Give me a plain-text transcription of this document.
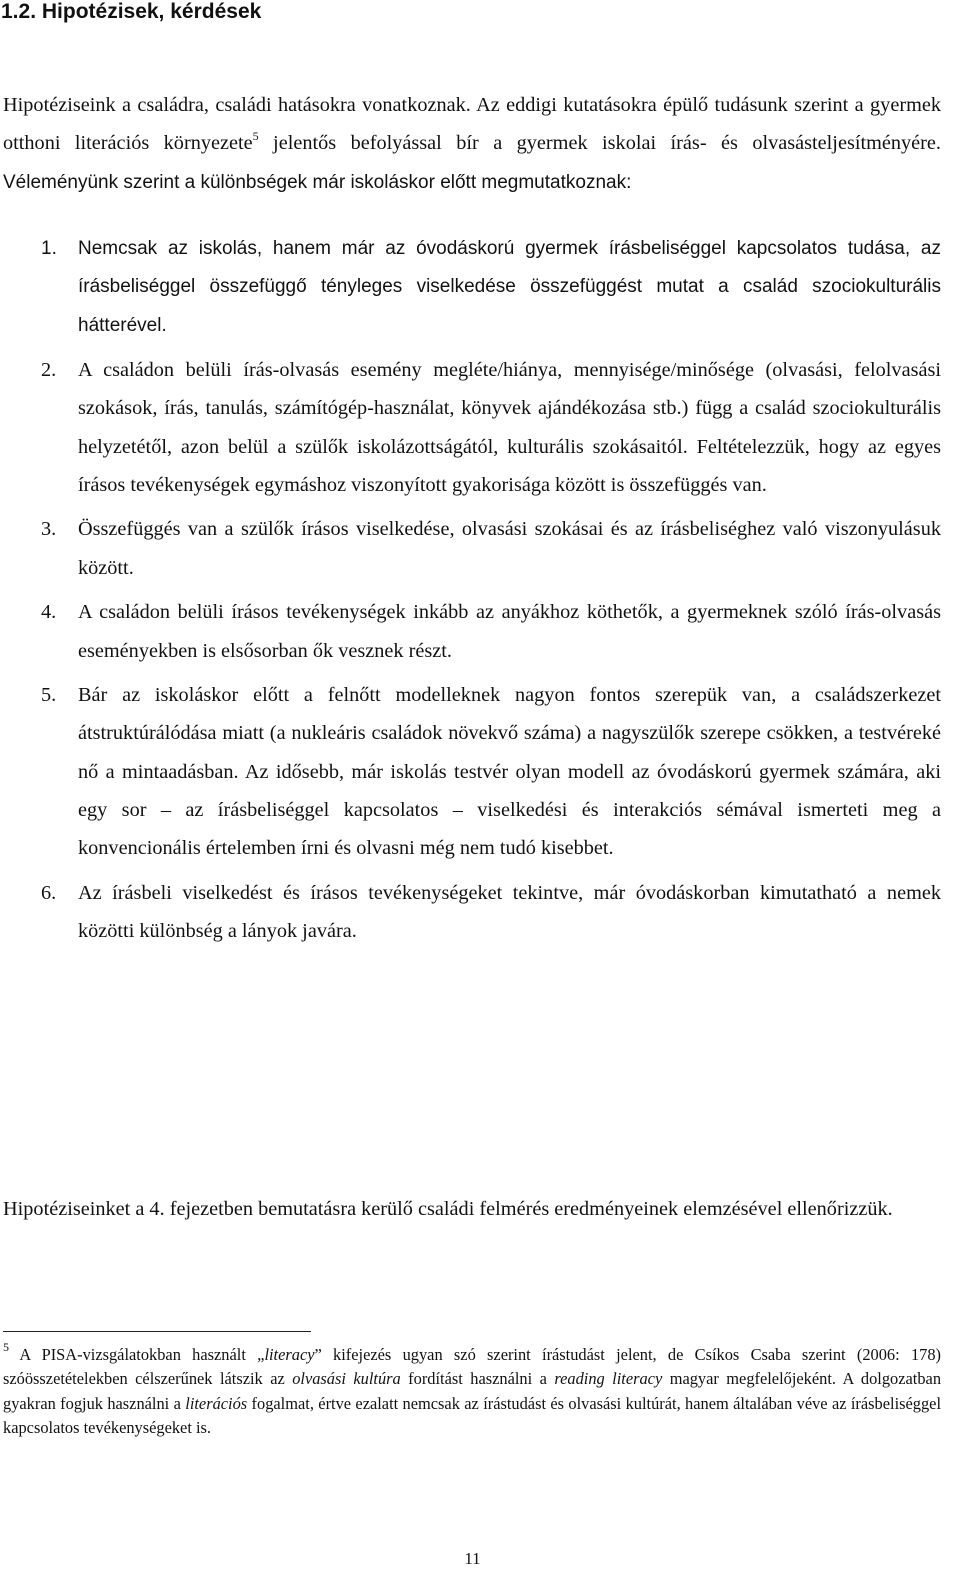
1.2. Hipotézisek, kérdések

Hipotéziseink a családra, családi hatásokra vonatkoznak. Az eddigi kutatásokra épülő tudásunk szerint a gyermek otthoni literációs környezete$^5$ jelentős befolyással bír a gyermek iskolai írás- és olvasásteljesítményére. Véleményünk szerint a különbségek már iskoláskor előtt megmutatkoznak:

1. Nemcsak az iskolás, hanem már az óvodáskorú gyermek írásbeliséggel kapcsolatos tudása, az írásbeliséggel összefüggő tényleges viselkedése összefüggést mutat a család szociokulturális hátterével.
2. A családon belüli írás-olvasás esemény megléte/hiánya, mennyisége/minősége (olvasási, felolvasási szokások, írás, tanulás, számítógép-használat, könyvek ajándékozása stb.) függ a család szociokulturális helyzetétől, azon belül a szülők iskolázottságától, kulturális szokásaitól. Feltételezzük, hogy az egyes írásos tevékenységek egymáshoz viszonyított gyakorisága között is összefüggés van.
3. Összefüggés van a szülők írásos viselkedése, olvasási szokásai és az írásbeliséghez való viszonyulásuk között.
4. A családon belüli írásos tevékenységek inkább az anyákhoz köthetők, a gyermeknek szóló írás-olvasás eseményekben is elsősorban ők vesznek részt.
5. Bár az iskoláskor előtt a felnőtt modelleknek nagyon fontos szerepük van, a családszerkezet átstruktúrálódása miatt (a nukleáris családok növekvő száma) a nagyszülők szerepe csökken, a testvéreké nő a mintaadásban. Az idősebb, már iskolás testvér olyan modell az óvodáskorú gyermek számára, aki egy sor – az írásbeliséggel kapcsolatos – viselkedési és interakciós sémával ismerteti meg a konvencionális értelemben írni és olvasni még nem tudó kisebbet.
6. Az írásbeli viselkedést és írásos tevékenységeket tekintve, már óvodáskorban kimutatható a nemek közötti különbség a lányok javára.

Hipotéziseinket a 4. fejezetben bemutatásra kerülő családi felmérés eredményeinek elemzésével ellenőrizzük.

$^5$ A PISA-vizsgálatokban használt „literacy” kifejezés ugyan szó szerint írástudást jelent, de Csíkos Csaba szerint (2006: 178) szóösszetételekben célszerűnek látszik az olvasási kultúra fordítást használni a reading literacy magyar megfelelőjeként. A dolgozatban gyakran fogjuk használni a literációs fogalmat, értve ezalatt nemcsak az írástudást és olvasási kultúrát, hanem általában véve az írásbeliséggel kapcsolatos tevékenységeket is.

11
